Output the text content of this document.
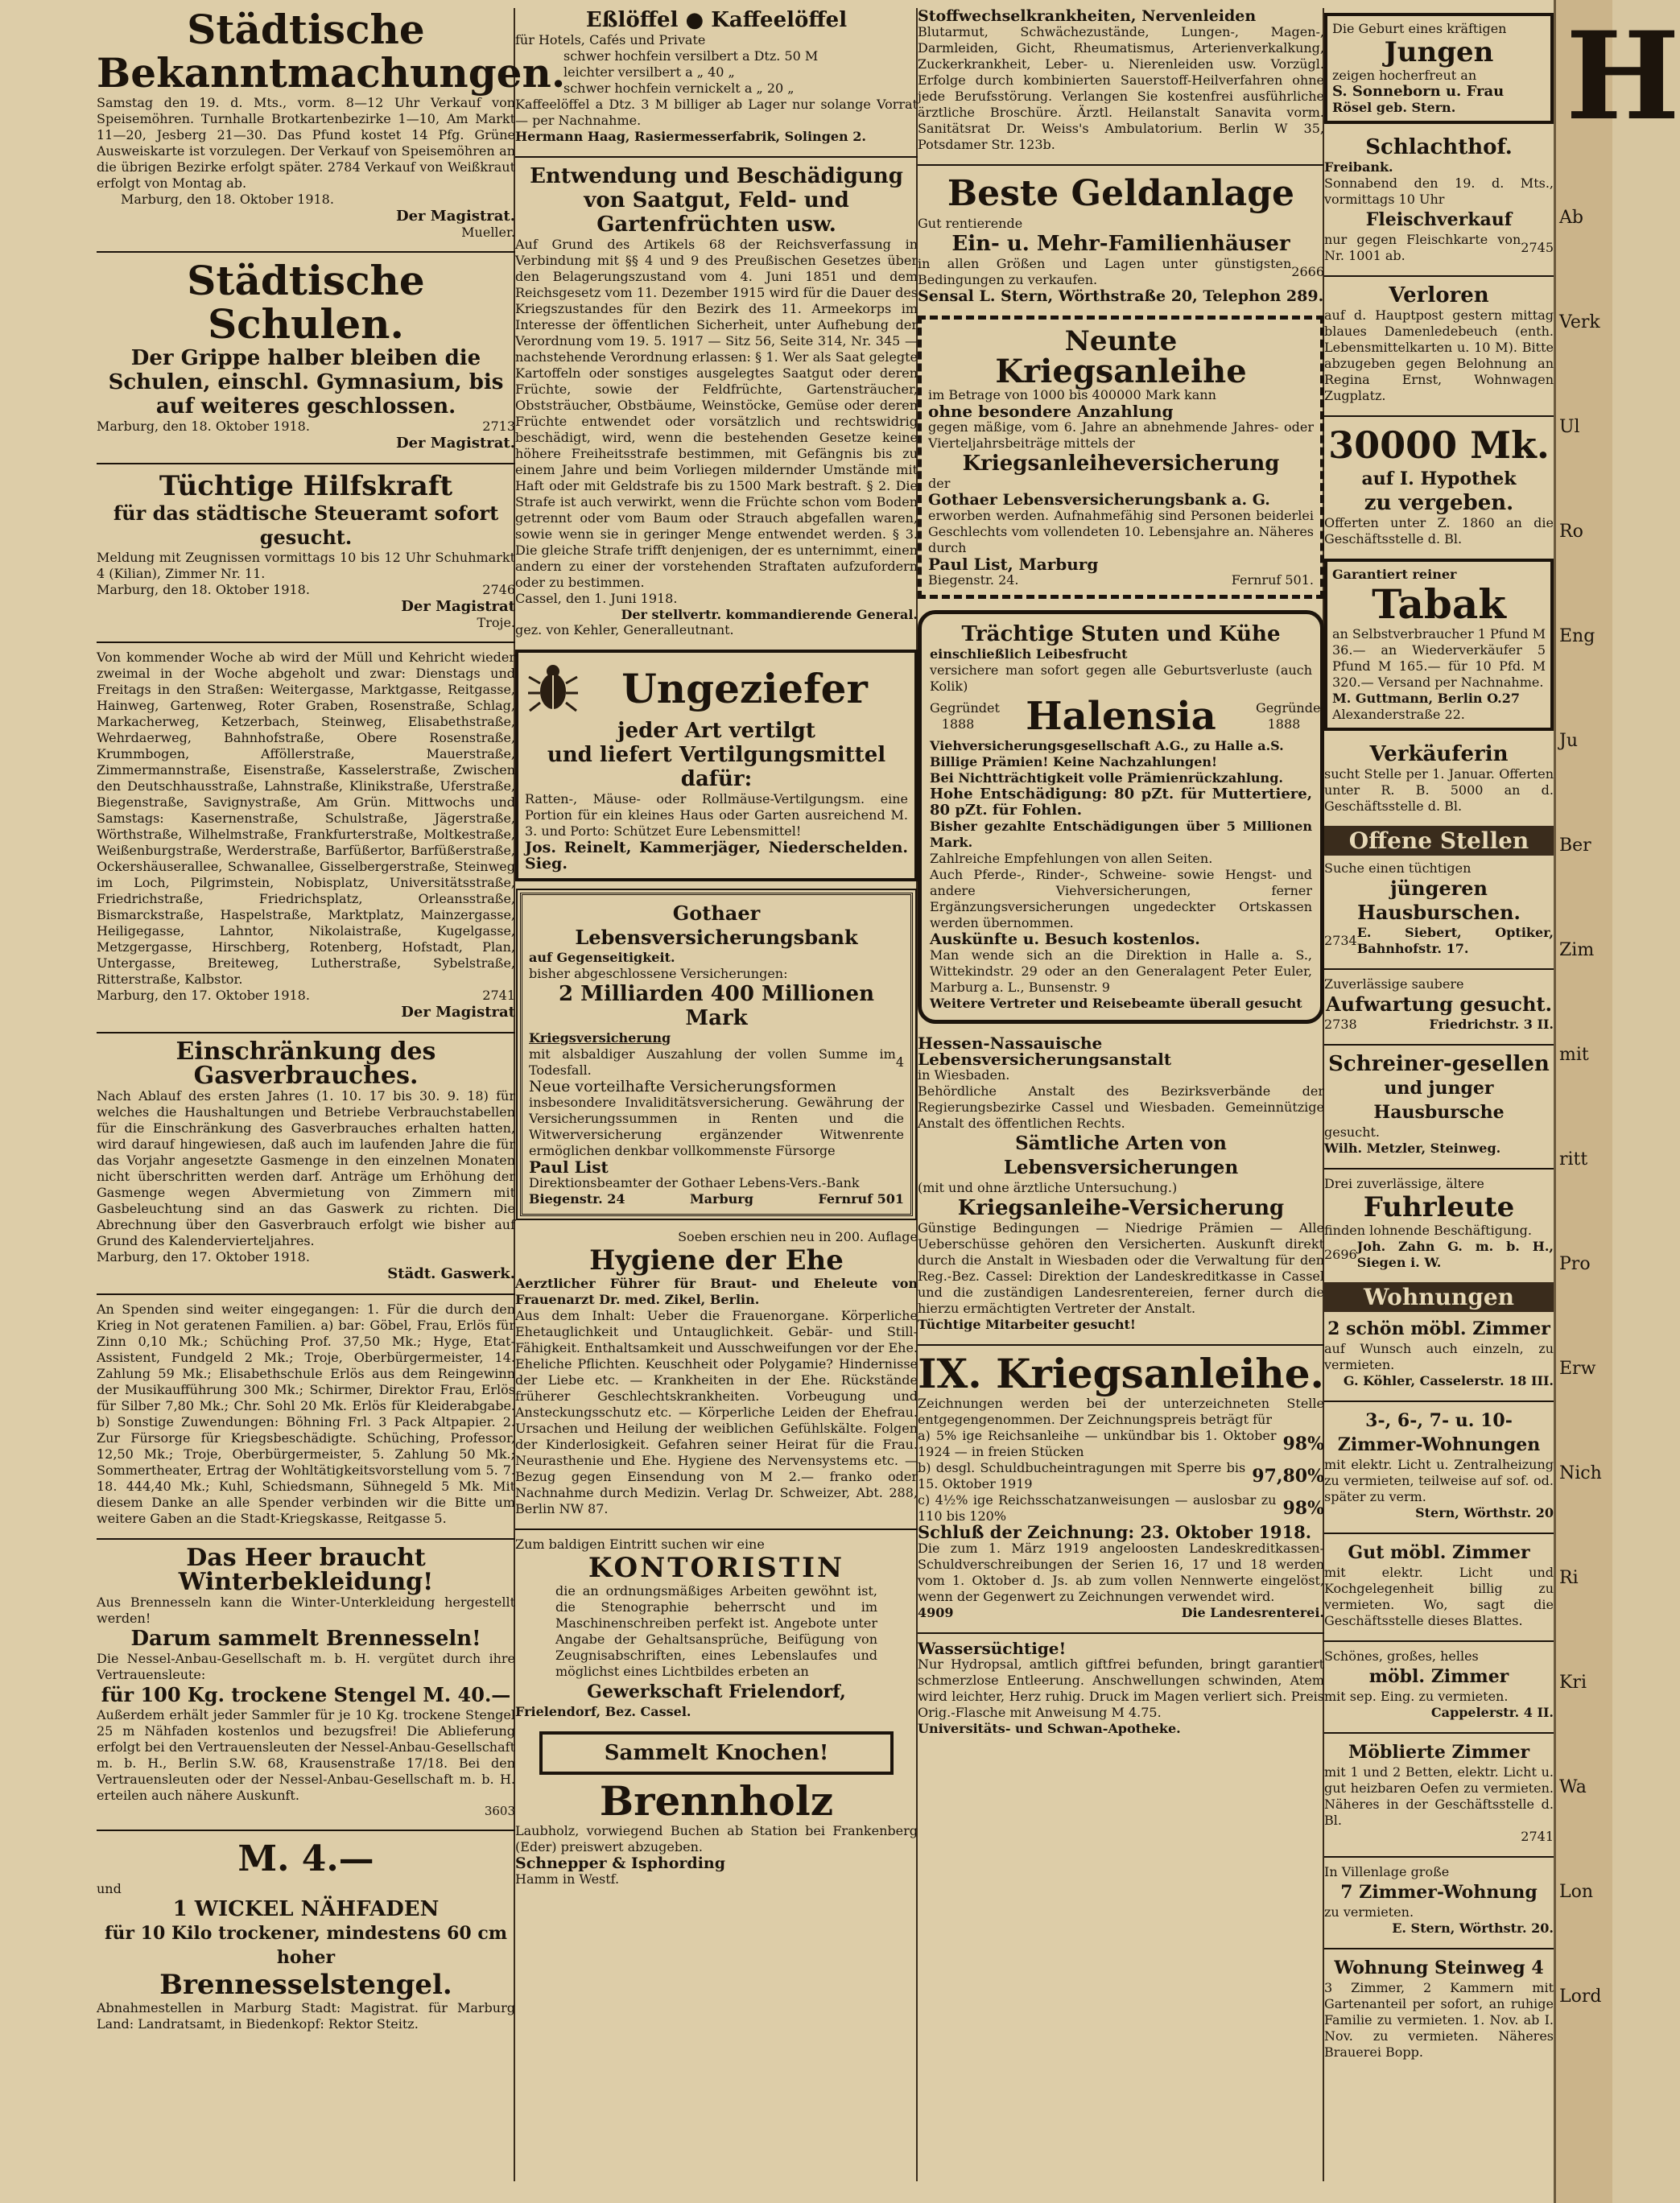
Städtische Bekanntmachungen.
Samstag den 19. d. Mts., vorm. 8—12 Uhr Verkauf von Speisemöhren. Turnhalle Brotkartenbezirke 1—10, Am Markt 11—20, Jesberg 21—30. Das Pfund kostet 14 Pfg. Grüne Ausweiskarte ist vorzulegen. Der Verkauf von Speisemöhren an die übrigen Bezirke erfolgt später. 2784 Verkauf von Weißkraut erfolgt von Montag ab.
Marburg, den 18. Oktober 1918.
Der Magistrat.
Mueller.
Städtische Schulen.
Der Grippe halber bleiben die Schulen, einschl. Gymnasium, bis auf weiteres geschlossen.
Marburg, den 18. Oktober 1918.	2713
Der Magistrat.
Tüchtige Hilfskraft
für das städtische Steueramt sofort gesucht.
Meldung mit Zeugnissen vormittags 10 bis 12 Uhr Schuhmarkt 4 (Kilian), Zimmer Nr. 11.
Marburg, den 18. Oktober 1918.	2746
Der Magistrat
Troje.
Von kommender Woche ab wird der Müll und Kehricht wieder zweimal in der Woche abgeholt und zwar: Dienstags und Freitags in den Straßen: Weitergasse, Marktgasse, Reitgasse, Hainweg, Gartenweg, Roter Graben, Rosenstraße, Schlag, Markacherweg, Ketzerbach, Steinweg, Elisabethstraße, Wehrdaerweg, Bahnhofstraße, Obere Rosenstraße, Krummbogen, Afföllerstraße, Mauerstraße, Zimmermannstraße, Eisenstraße, Kasselerstraße, Zwischen den Deutschhausstraße, Lahnstraße, Klinikstraße, Uferstraße, Biegenstraße, Savignystraße, Am Grün. Mittwochs und Samstags: Kasernenstraße, Schulstraße, Jägerstraße, Wörthstraße, Wilhelmstraße, Frankfurterstraße, Moltkestraße, Weißenburgstraße, Werderstraße, Barfüßertor, Barfüßerstraße, Ockershäuserallee, Schwanallee, Gisselbergerstraße, Steinweg im Loch, Pilgrimstein, Nobisplatz, Universitätsstraße, Friedrichstraße, Friedrichsplatz, Orleansstraße, Bismarckstraße, Haspelstraße, Marktplatz, Mainzergasse, Heiligegasse, Lahntor, Nikolaistraße, Kugelgasse, Metzgergasse, Hirschberg, Rotenberg, Hofstadt, Plan, Untergasse, Breiteweg, Lutherstraße, Sybelstraße, Ritterstraße, Kalbstor.
Marburg, den 17. Oktober 1918.	2741
Der Magistrat
Einschränkung des Gasverbrauches.
Nach Ablauf des ersten Jahres (1. 10. 17 bis 30. 9. 18) für welches die Haushaltungen und Betriebe Verbrauchstabellen für die Einschränkung des Gasverbrauches erhalten hatten, wird darauf hingewiesen, daß auch im laufenden Jahre die für das Vorjahr angesetzte Gasmenge in den einzelnen Monaten nicht überschritten werden darf. Anträge um Erhöhung der Gasmenge wegen Abvermietung von Zimmern mit Gasbeleuchtung sind an das Gaswerk zu richten. Die Abrechnung über den Gasverbrauch erfolgt wie bisher auf Grund des Kalendervierteljahres.
Marburg, den 17. Oktober 1918.
Städt. Gaswerk.
An Spenden sind weiter eingegangen: 1. Für die durch den Krieg in Not geratenen Familien. a) bar: Göbel, Frau, Erlös für Zinn 0,10 Mk.; Schüching Prof. 37,50 Mk.; Hyge, Etat-Assistent, Fundgeld 2 Mk.; Troje, Oberbürgermeister, 14. Zahlung 59 Mk.; Elisabethschule Erlös aus dem Reingewinn der Musikaufführung 300 Mk.; Schirmer, Direktor Frau, Erlös für Silber 7,80 Mk.; Chr. Sohl 20 Mk. Erlös für Kleiderabgabe. b) Sonstige Zuwendungen: Böhning Frl. 3 Pack Altpapier. 2. Zur Fürsorge für Kriegsbeschädigte. Schüching, Professor, 12,50 Mk.; Troje, Oberbürgermeister, 5. Zahlung 50 Mk.; Sommertheater, Ertrag der Wohltätigkeitsvorstellung vom 5. 7. 18. 444,40 Mk.; Kuhl, Schiedsmann, Sühnegeld 5 Mk. Mit diesem Danke an alle Spender verbinden wir die Bitte um weitere Gaben an die Stadt-Kriegskasse, Reitgasse 5.
Das Heer braucht Winterbekleidung!
Aus Brennesseln kann die Winter-Unterkleidung hergestellt werden!
Darum sammelt Brennesseln!
Die Nessel-Anbau-Gesellschaft m. b. H. vergütet durch ihre Vertrauensleute:
für 100 Kg. trockene Stengel M. 40.—
Außerdem erhält jeder Sammler für je 10 Kg. trockene Stengel 25 m Nähfaden kostenlos und bezugsfrei! Die Ablieferung erfolgt bei den Vertrauensleuten der Nessel-Anbau-Gesellschaft m. b. H., Berlin S.W. 68, Krausenstraße 17/18. Bei den Vertrauensleuten oder der Nessel-Anbau-Gesellschaft m. b. H. erteilen auch nähere Auskunft.
3603
M. 4.—
und
1 WICKEL NÄHFADEN
für 10 Kilo trockener, mindestens 60 cm hoher
Brennesselstengel.
Abnahmestellen in Marburg Stadt: Magistrat. für Marburg Land: Landratsamt, in Biedenkopf: Rektor Steitz.
Eßlöffel ● Kaffeelöffel
für Hotels, Cafés und Private
schwer hochfein versilbert a Dtz. 50 M
leichter versilbert a „ 40 „
schwer hochfein vernickelt a „ 20 „
Kaffeelöffel a Dtz. 3 M billiger ab Lager nur solange Vorrat — per Nachnahme.
Hermann Haag, Rasiermesserfabrik, Solingen 2.
Entwendung und Beschädigung von Saatgut, Feld- und Gartenfrüchten usw.
Auf Grund des Artikels 68 der Reichsverfassung in Verbindung mit §§ 4 und 9 des Preußischen Gesetzes über den Belagerungszustand vom 4. Juni 1851 und dem Reichsgesetz vom 11. Dezember 1915 wird für die Dauer des Kriegszustandes für den Bezirk des 11. Armeekorps im Interesse der öffentlichen Sicherheit, unter Aufhebung der Verordnung vom 19. 5. 1917 — Sitz 56, Seite 314, Nr. 345 — nachstehende Verordnung erlassen: § 1. Wer als Saat gelegte Kartoffeln oder sonstiges ausgelegtes Saatgut oder deren Früchte, sowie der Feldfrüchte, Gartensträucher, Obststräucher, Obstbäume, Weinstöcke, Gemüse oder deren Früchte entwendet oder vorsätzlich und rechtswidrig beschädigt, wird, wenn die bestehenden Gesetze keine höhere Freiheitsstrafe bestimmen, mit Gefängnis bis zu einem Jahre und beim Vorliegen mildernder Umstände mit Haft oder mit Geldstrafe bis zu 1500 Mark bestraft. § 2. Die Strafe ist auch verwirkt, wenn die Früchte schon vom Boden getrennt oder vom Baum oder Strauch abgefallen waren, sowie wenn sie in geringer Menge entwendet werden. § 3. Die gleiche Strafe trifft denjenigen, der es unternimmt, einen andern zu einer der vorstehenden Straftaten aufzufordern oder zu bestimmen.
Cassel, den 1. Juni 1918.
Der stellvertr. kommandierende General.
gez. von Kehler, Generalleutnant.
Ungeziefer
jeder Art vertilgt
und liefert Vertilgungsmittel dafür:
Ratten-, Mäuse- oder Rollmäuse-Vertilgungsm. eine Portion für ein kleines Haus oder Garten ausreichend M. 3. und Porto: Schützet Eure Lebensmittel!
Jos. Reinelt, Kammerjäger, Niederschelden. Sieg.
Gothaer Lebensversicherungsbank
auf Gegenseitigkeit.
bisher abgeschlossene Versicherungen:
2 Milliarden 400 Millionen Mark
Kriegsversicherung
mit alsbaldiger Auszahlung der vollen Summe im Todesfall.
4
Neue vorteilhafte Versicherungsformen
insbesondere Invaliditätsversicherung. Gewährung der Versicherungssummen in Renten und die Witwerversicherung ergänzender Witwenrente ermöglichen denkbar vollkommenste Fürsorge
Paul List
Direktionsbeamter der Gothaer Lebens-Vers.-Bank
Biegenstr. 24	Marburg	Fernruf 501
Soeben erschien neu in 200. Auflage
Hygiene der Ehe
Aerztlicher Führer für Braut- und Eheleute von Frauenarzt Dr. med. Zikel, Berlin.
Aus dem Inhalt: Ueber die Frauenorgane. Körperliche Ehetauglichkeit und Untauglichkeit. Gebär- und Still-Fähigkeit. Enthaltsamkeit und Ausschweifungen vor der Ehe. Eheliche Pflichten. Keuschheit oder Polygamie? Hindernisse der Liebe etc. — Krankheiten in der Ehe. Rückstände früherer Geschlechtskrankheiten. Vorbeugung und Ansteckungsschutz etc. — Körperliche Leiden der Ehefrau. Ursachen und Heilung der weiblichen Gefühlskälte. Folgen der Kinderlosigkeit. Gefahren seiner Heirat für die Frau. Neurasthenie und Ehe. Hygiene des Nervensystems etc. — Bezug gegen Einsendung von M 2.— franko oder Nachnahme durch Medizin. Verlag Dr. Schweizer, Abt. 288, Berlin NW 87.
Zum baldigen Eintritt suchen wir eine
KONTORISTIN
die an ordnungsmäßiges Arbeiten gewöhnt ist, die Stenographie beherrscht und im Maschinenschreiben perfekt ist. Angebote unter Angabe der Gehaltsansprüche, Beifügung von Zeugnisabschriften, eines Lebenslaufes und möglichst eines Lichtbildes erbeten an
Gewerkschaft Frielendorf,
Frielendorf, Bez. Cassel.
Sammelt Knochen!
Brennholz
Laubholz, vorwiegend Buchen ab Station bei Frankenberg (Eder) preiswert abzugeben.
Schnepper & Isphording
Hamm in Westf.
Stoffwechselkrankheiten, Nervenleiden
Blutarmut, Schwächezustände, Lungen-, Magen-, Darmleiden, Gicht, Rheumatismus, Arterienverkalkung, Zuckerkrankheit, Leber- u. Nierenleiden usw. Vorzügl. Erfolge durch kombinierten Sauerstoff-Heilverfahren ohne jede Berufsstörung. Verlangen Sie kostenfrei ausführliche ärztliche Broschüre. Ärztl. Heilanstalt Sanavita vorm. Sanitätsrat Dr. Weiss's Ambulatorium. Berlin W 35, Potsdamer Str. 123b.
Beste Geldanlage
Gut rentierende
Ein- u. Mehr-Familienhäuser
in allen Größen und Lagen unter günstigsten Bedingungen zu verkaufen.
2666
Sensal L. Stern, Wörthstraße 20, Telephon 289.
Neunte
Kriegsanleihe
im Betrage von 1000 bis 400000 Mark kann
ohne besondere Anzahlung
gegen mäßige, vom 6. Jahre an abnehmende Jahres- oder Vierteljahrsbeiträge mittels der
Kriegsanleiheversicherung
der
Gothaer Lebensversicherungsbank a. G.
erworben werden. Aufnahmefähig sind Personen beiderlei Geschlechts vom vollendeten 10. Lebensjahre an. Näheres durch
Paul List, Marburg
Biegenstr. 24.	Fernruf 501.
Trächtige Stuten und Kühe
einschließlich Leibesfrucht
versichere man sofort gegen alle Geburtsverluste (auch Kolik)
Gegründet 1888	Halensia	Gegründet 1888
Viehversicherungsgesellschaft A.G., zu Halle a.S.
Billige Prämien! Keine Nachzahlungen!
Bei Nichtträchtigkeit volle Prämienrückzahlung.
Hohe Entschädigung: 80 pZt. für Muttertiere, 80 pZt. für Fohlen.
Bisher gezahlte Entschädigungen über 5 Millionen Mark.
Zahlreiche Empfehlungen von allen Seiten.
Auch Pferde-, Rinder-, Schweine- sowie Hengst- und andere Viehversicherungen, ferner Ergänzungsversicherungen ungedeckter Ortskassen werden übernommen.
Auskünfte u. Besuch kostenlos.
Man wende sich an die Direktion in Halle a. S., Wittekindstr. 29 oder an den Generalagent Peter Euler, Marburg a. L., Bunsenstr. 9
Weitere Vertreter und Reisebeamte überall gesucht
Hessen-Nassauische Lebensversicherungsanstalt
in Wiesbaden.
Behördliche Anstalt des Bezirksverbände der Regierungsbezirke Cassel und Wiesbaden. Gemeinnützige Anstalt des öffentlichen Rechts.
Sämtliche Arten von Lebensversicherungen
(mit und ohne ärztliche Untersuchung.)
Kriegsanleihe-Versicherung
Günstige Bedingungen — Niedrige Prämien — Alle Ueberschüsse gehören den Versicherten. Auskunft direkt durch die Anstalt in Wiesbaden oder die Verwaltung für den Reg.-Bez. Cassel: Direktion der Landeskreditkasse in Cassel und die zuständigen Landesrentereien, ferner durch die hierzu ermächtigten Vertreter der Anstalt.
Tüchtige Mitarbeiter gesucht!
IX. Kriegsanleihe.
Zeichnungen werden bei der unterzeichneten Stelle entgegengenommen. Der Zeichnungspreis beträgt für
a) 5% ige Reichsanleihe — unkündbar bis 1. Oktober 1924 — in freien Stücken	98%
b) desgl. Schuldbucheintragungen mit Sperre bis 15. Oktober 1919	97,80%
c) 4½% ige Reichsschatzanweisungen — auslosbar zu 110 bis 120%	98%
Schluß der Zeichnung: 23. Oktober 1918.
Die zum 1. März 1919 angeloosten Landeskreditkassen-Schuldverschreibungen der Serien 16, 17 und 18 werden vom 1. Oktober d. Js. ab zum vollen Nennwerte eingelöst, wenn der Gegenwert zu Zeichnungen verwendet wird.
4909	Die Landesrenterei.
Wassersüchtige!
Nur Hydropsal, amtlich giftfrei befunden, bringt garantiert schmerzlose Entleerung. Anschwellungen schwinden, Atem wird leichter, Herz ruhig. Druck im Magen verliert sich. Preis Orig.-Flasche mit Anweisung M 4.75.
Universitäts- und Schwan-Apotheke.
Die Geburt eines kräftigen
Jungen
zeigen hocherfreut an
S. Sonneborn u. Frau
Rösel geb. Stern.
Schlachthof.
Freibank.
Sonnabend den 19. d. Mts., vormittags 10 Uhr
Fleischverkauf
nur gegen Fleischkarte von Nr. 1001 ab.
2745
Verloren
auf d. Hauptpost gestern mittag blaues Damenledebeuch (enth. Lebensmittelkarten u. 10 M). Bitte abzugeben gegen Belohnung an Regina Ernst, Wohnwagen Zugplatz.
30000 Mk.
auf I. Hypothek
zu vergeben.
Offerten unter Z. 1860 an die Geschäftsstelle d. Bl.
Garantiert reiner
Tabak
an Selbstverbraucher 1 Pfund M 36.— an Wiederverkäufer 5 Pfund M 165.— für 10 Pfd. M 320.— Versand per Nachnahme.
M. Guttmann, Berlin O.27
Alexanderstraße 22.
Verkäuferin
sucht Stelle per 1. Januar. Offerten unter R. B. 5000 an d. Geschäftsstelle d. Bl.
Offene Stellen
Suche einen tüchtigen
jüngeren Hausburschen.
2734
E. Siebert, Optiker, Bahnhofstr. 17.
Zuverlässige saubere
Aufwartung gesucht.
2738	Friedrichstr. 3 II.
Schreiner-gesellen
und junger Hausbursche
gesucht.
Wilh. Metzler, Steinweg.
Drei zuverlässige, ältere
Fuhrleute
finden lohnende Beschäftigung.
2696
Joh. Zahn G. m. b. H., Siegen i. W.
Wohnungen
2 schön möbl. Zimmer
auf Wunsch auch einzeln, zu vermieten.
G. Köhler, Casselerstr. 18 III.
3-, 6-, 7- u. 10-Zimmer-Wohnungen
mit elektr. Licht u. Zentralheizung zu vermieten, teilweise auf sof. od. später zu verm.
Stern, Wörthstr. 20
Gut möbl. Zimmer
mit elektr. Licht und Kochgelegenheit billig zu vermieten. Wo, sagt die Geschäftsstelle dieses Blattes.
Schönes, großes, helles
möbl. Zimmer
mit sep. Eing. zu vermieten.
Cappelerstr. 4 II.
Möblierte Zimmer
mit 1 und 2 Betten, elektr. Licht u. gut heizbaren Oefen zu vermieten. Näheres in der Geschäftsstelle d. Bl.
2741
In Villenlage große
7 Zimmer-Wohnung
zu vermieten.
E. Stern, Wörthstr. 20.
Wohnung Steinweg 4
3 Zimmer, 2 Kammern mit Gartenanteil per sofort, an ruhige Familie zu vermieten. 1. Nov. ab I. Nov. zu vermieten. Näheres Brauerei Bopp.
H
Ab
Verk
Ul
Ro
Eng
Ju
Ber
Zim
mit
ritt
Pro
Erw
Nich
Ri
Kri
Wa
Lon
Lord
